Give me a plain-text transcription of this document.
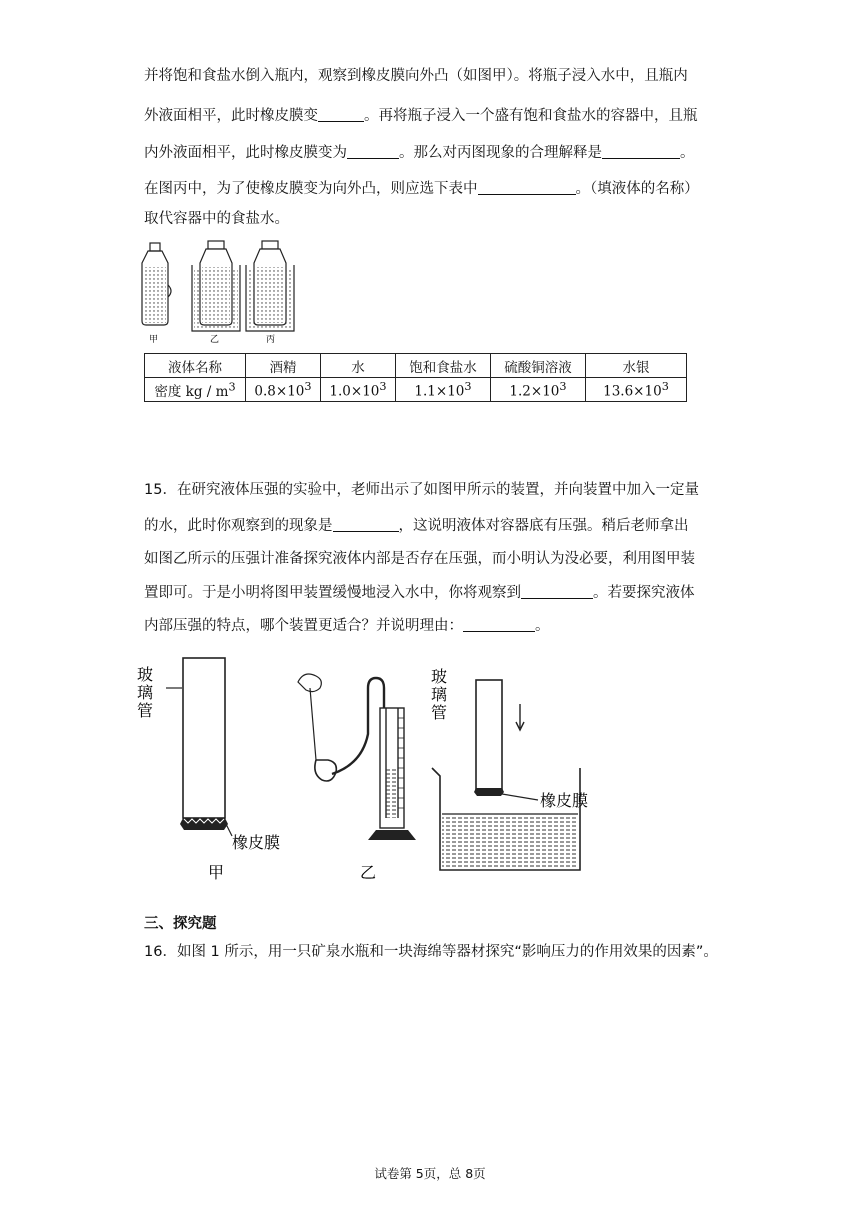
并将饱和食盐水倒入瓶内，观察到橡皮膜向外凸（如图甲）。将瓶子浸入水中，且瓶内
外液面相平，此时橡皮膜变	。再将瓶子浸入一个盛有饱和食盐水的容器中，且瓶
内外液面相平，此时橡皮膜变为	。那么对丙图现象的合理解释是	。
在图丙中，为了使橡皮膜变为向外凸，则应选下表中	。（填液体的名称）
取代容器中的食盐水。
甲	乙	丙
液体名称	酒精	水	饱和食盐水	硫酸铜溶液	水银
密度 kg / $m^3$	$0.8\times 10^3$	$1.0\times 10^3$	$1.1\times 10^3$	$1.2\times 10^3$	$13.6\times 10^3$
15．在研究液体压强的实验中，老师出示了如图甲所示的装置，并向装置中加入一定量
的水，此时你观察到的现象是	，这说明液体对容器底有压强。稍后老师拿出
如图乙所示的压强计准备探究液体内部是否存在压强，而小明认为没必要，利用图甲装
置即可。于是小明将图甲装置缓慢地浸入水中，你将观察到	。若要探究液体
内部压强的特点，哪个装置更适合？并说明理由：	。
玻璃管
橡皮膜
甲	乙
玻璃管
橡皮膜
三、探究题
16．如图 1 所示，用一只矿泉水瓶和一块海绵等器材探究“影响压力的作用效果的因素”。
试卷第 5页，总 8页
